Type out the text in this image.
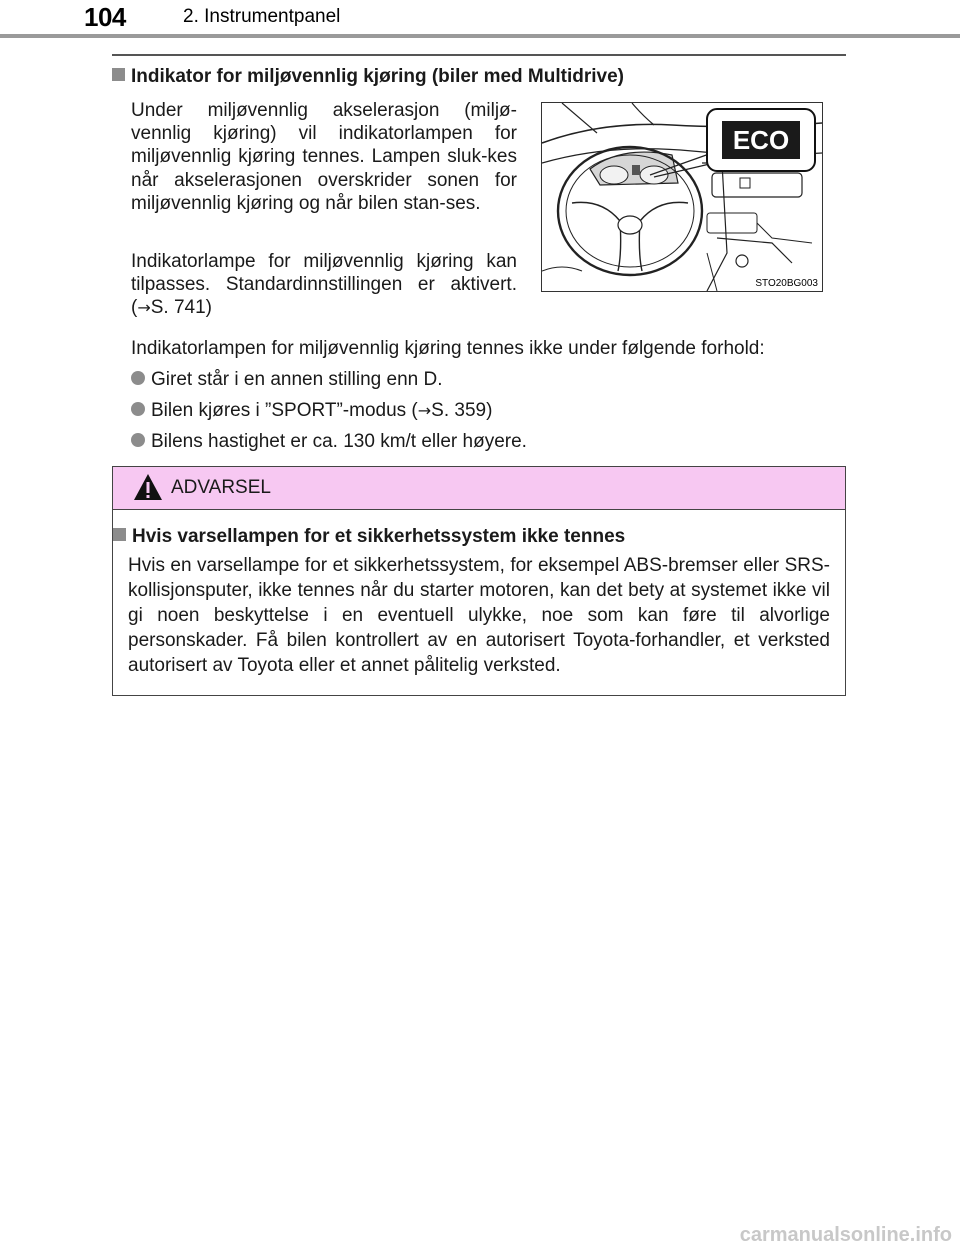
104	2. Instrumentpanel
Indikator for miljøvennlig kjøring (biler med Multidrive)
Under miljøvennlig akselerasjon (miljø-vennlig kjøring) vil indikatorlampen for miljøvennlig kjøring tennes. Lampen sluk-kes når akselerasjonen overskrider sonen for miljøvennlig kjøring og når bilen stan-ses.
Indikatorlampe for miljøvennlig kjøring kan tilpasses. Standardinnstillingen er aktivert. (→S. 741)
ECO
STO20BG003
Indikatorlampen for miljøvennlig kjøring tennes ikke under følgende forhold:
Giret står i en annen stilling enn D.
Bilen kjøres i ”SPORT”-modus (→S. 359)
Bilens hastighet er ca. 130 km/t eller høyere.
ADVARSEL
Hvis varsellampen for et sikkerhetssystem ikke tennes
Hvis en varsellampe for et sikkerhetssystem, for eksempel ABS-bremser eller SRS-kollisjonsputer, ikke tennes når du starter motoren, kan det bety at systemet ikke vil gi noen beskyttelse i en eventuell ulykke, noe som kan føre til alvorlige personskader. Få bilen kontrollert av en autorisert Toyota-forhandler, et verksted autorisert av Toyota eller et annet pålitelig verksted.
carmanualsonline.info
